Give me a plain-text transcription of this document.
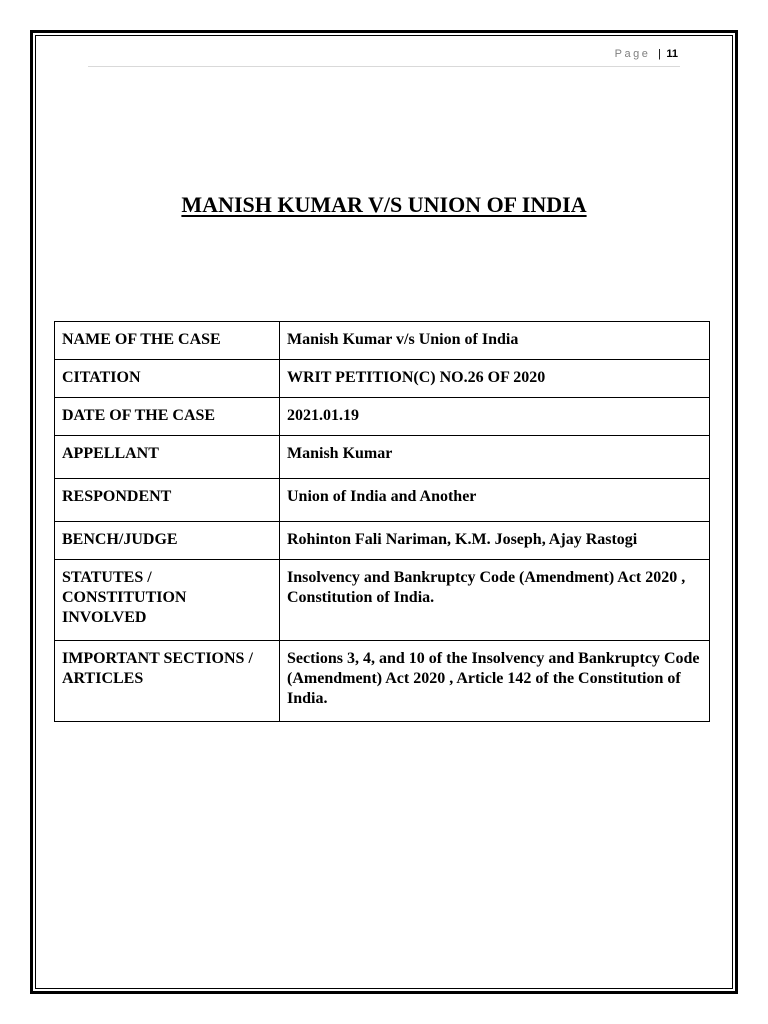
Page | 11
MANISH KUMAR V/S UNION OF INDIA
NAME OF THE CASE	Manish Kumar v/s Union of India
CITATION	WRIT PETITION(C) NO.26 OF 2020
DATE OF THE CASE	2021.01.19
APPELLANT	Manish Kumar
RESPONDENT	Union of India and Another
BENCH/JUDGE	Rohinton Fali Nariman, K.M. Joseph, Ajay Rastogi
STATUTES / CONSTITUTION INVOLVED	Insolvency and Bankruptcy Code (Amendment) Act 2020 , Constitution of India.
IMPORTANT SECTIONS / ARTICLES	Sections 3, 4, and 10 of the Insolvency and Bankruptcy Code (Amendment) Act 2020 , Article 142 of the Constitution of India.
